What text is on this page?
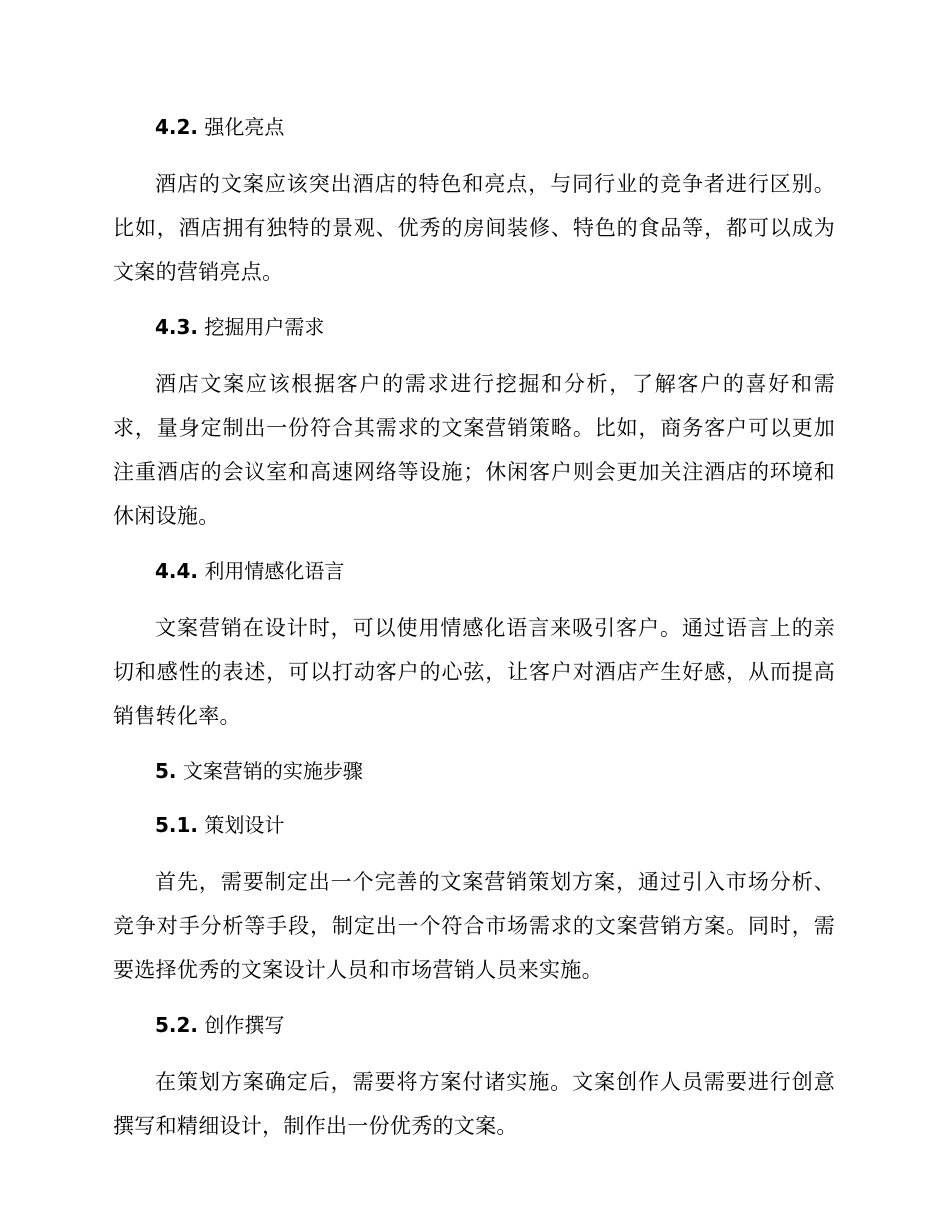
4.2. 强化亮点

酒店的文案应该突出酒店的特色和亮点，与同行业的竞争者进行区别。比如，酒店拥有独特的景观、优秀的房间装修、特色的食品等，都可以成为文案的营销亮点。

4.3. 挖掘用户需求

酒店文案应该根据客户的需求进行挖掘和分析，了解客户的喜好和需求，量身定制出一份符合其需求的文案营销策略。比如，商务客户可以更加注重酒店的会议室和高速网络等设施；休闲客户则会更加关注酒店的环境和休闲设施。

4.4. 利用情感化语言

文案营销在设计时，可以使用情感化语言来吸引客户。通过语言上的亲切和感性的表述，可以打动客户的心弦，让客户对酒店产生好感，从而提高销售转化率。

5. 文案营销的实施步骤
5.1. 策划设计

首先，需要制定出一个完善的文案营销策划方案，通过引入市场分析、竞争对手分析等手段，制定出一个符合市场需求的文案营销方案。同时，需要选择优秀的文案设计人员和市场营销人员来实施。

5.2. 创作撰写

在策划方案确定后，需要将方案付诸实施。文案创作人员需要进行创意撰写和精细设计，制作出一份优秀的文案。
